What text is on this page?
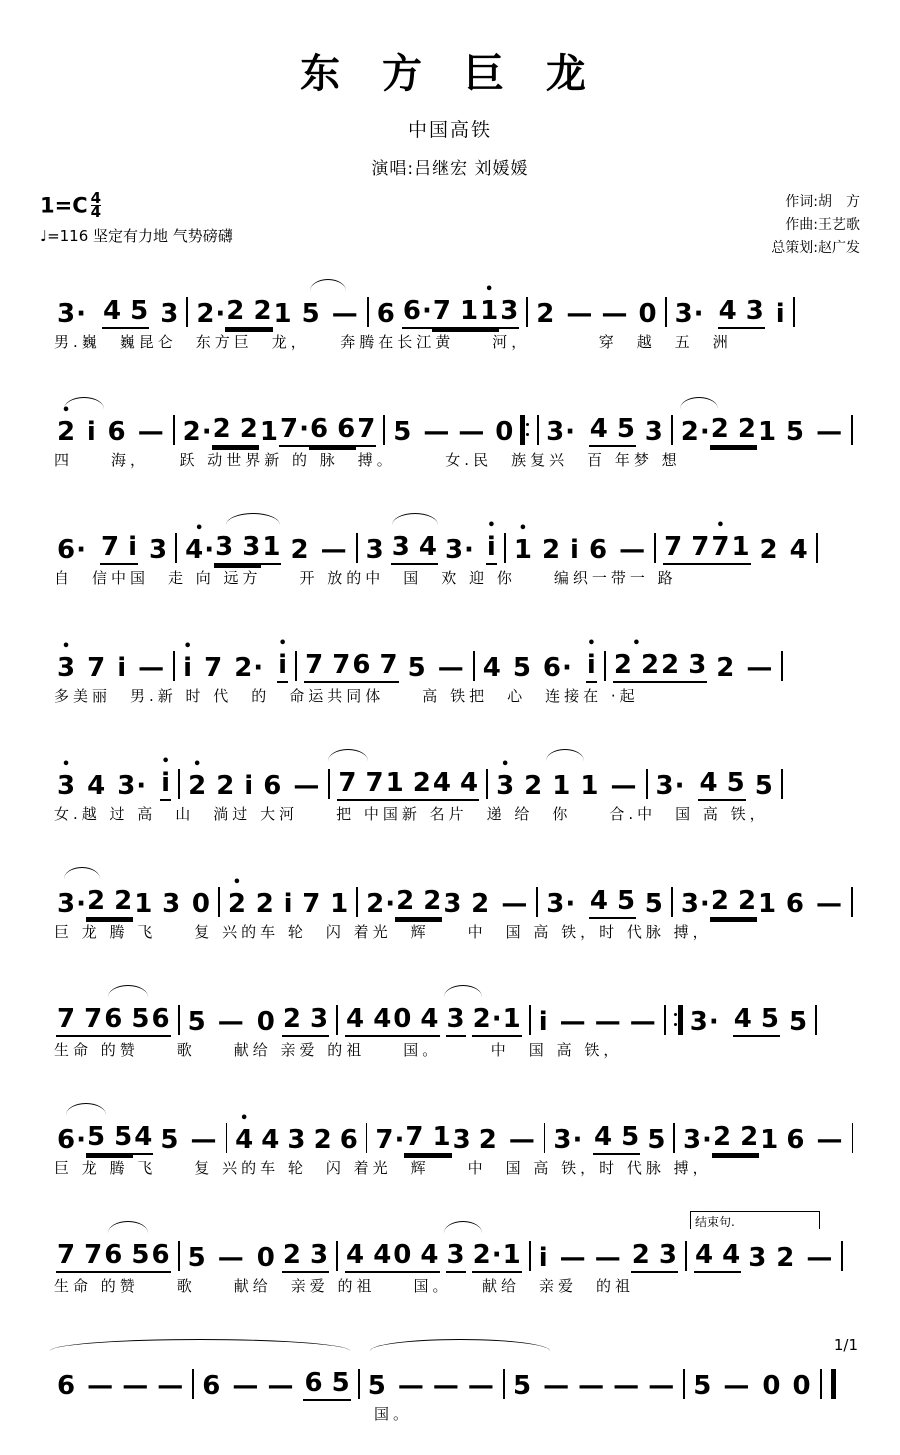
东 方 巨 龙
中国高铁
演唱:吕继宏 刘媛媛
$1=C \frac{4}{4}$
♩=116 坚定有力地 气势磅礴
作词:胡　方
作曲:王艺歌
总策划:赵广发
3 ·	4 5 3 2 · 2 2 1 5 — 6 6 · 7 1 • 1 3 2 — — 0 3 · 4 3 i
男.巍　巍昆仑　东方巨　龙，　　奔腾在长江黄　　河，　　　　穿　越　五　洲
• 2 i 6 — 2 · 2 2 1 7 · 6 6 7 5 — — 0 3 · 4 5 3 2 · 2 2 1 5 —
四　　海，　　跃 动世界新 的 脉　搏。　　　女.民　族复兴　百 年梦 想
6 · 7 i 3 • 4 · 3 3 1 2 — 3 3 4 3 · • i • 1 2 i 6 — 7 7 • 7 1 2 4
自　信中国　走 向 远方　　开 放的中　国　欢 迎 你　　编织一带一 路
• 3 7 i — • i 7 2 · • i 7 7 6 7 5 — 4 5 6 · • i • 2 2 2 3 2 —
多美丽　男.新 时 代　的　命运共同体　　高 铁把　心　连接在 ·起
• 3 4 3 · • i • 2 2 i 6 — 7 7 1 2 4 4 • 3 2 1 1 — 3 · 4 5 5
女.越 过 高　山　淌过 大河　　把 中国新 名片　递 给　你　　合.中　国 高 铁，
3 · 2 2 1 3 0 • 2 2 i 7 1 2 · 2 2 3 2 — 3 · 4 5 5 3 · 2 2 1 6 —
巨 龙 腾 飞　　复 兴的车 轮　闪 着光　辉　　中　国 高 铁，时 代脉 搏，
7 7 6 5 6 5 — 0 2 3 4 4 0 4 3 2 · 1 i — — — 3 · 4 5 5
生命 的赞　　歌　　献给 亲爱 的祖　　国。　　　中　国 高 铁，
6 · 5 5 4 5 — • 4 4 3 2 6 7 · 7 1 3 2 — 3 · 4 5 5 3 · 2 2 1 6 —
巨 龙 腾 飞　　复 兴的车 轮　闪 着光　辉　　中　国 高 铁，时 代脉 搏，
结束句.
7 7 6 5 6 5 — 0 2 3 4 4 0 4 3 2 · 1 i — — 2 3 4 4 3 2 —
生命 的赞　　歌　　献给　亲爱 的祖　　国。　　献给　亲爱　的祖
6 — — — 6 — — 6 5 5 — — — 5 — — — — 5 — 0 0
国。
1/1
